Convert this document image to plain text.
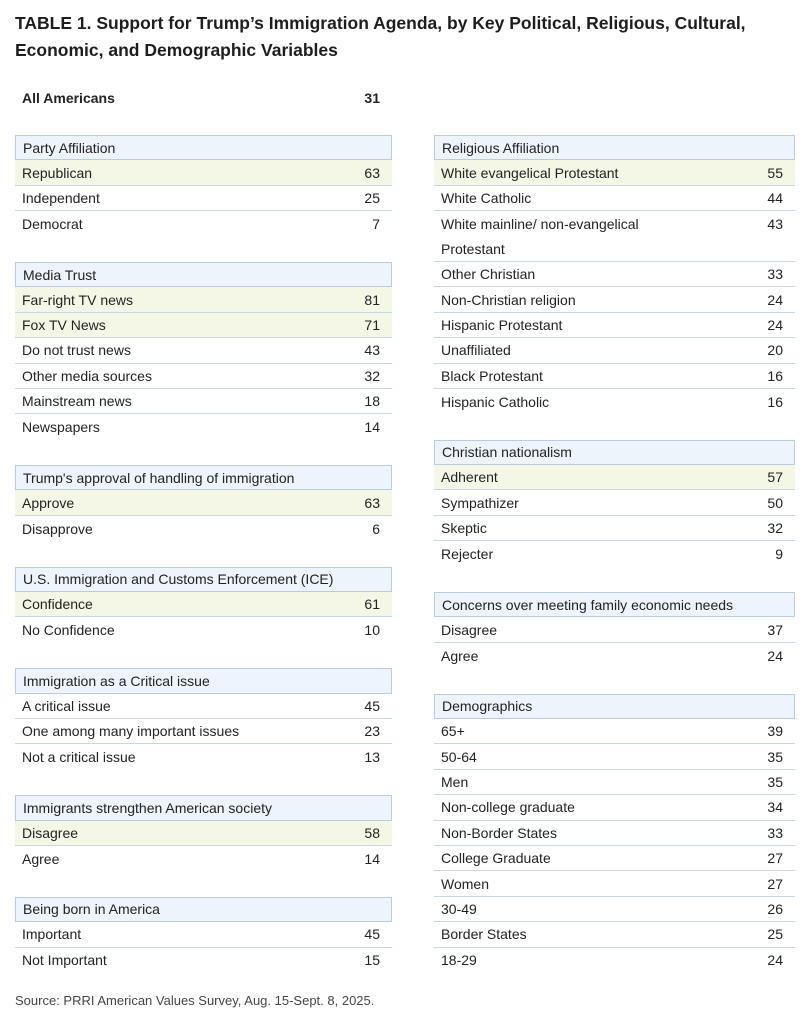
TABLE 1. Support for Trump’s Immigration Agenda, by Key Political, Religious, Cultural, Economic, and Demographic Variables
All Americans	31
Party Affiliation
Republican	63
Independent	25
Democrat	7
Media Trust
Far-right TV news	81
Fox TV News	71
Do not trust news	43
Other media sources	32
Mainstream news	18
Newspapers	14
Trump's approval of handling of immigration
Approve	63
Disapprove	6
U.S. Immigration and Customs Enforcement (ICE)
Confidence	61
No Confidence	10
Immigration as a Critical issue
A critical issue	45
One among many important issues	23
Not a critical issue	13
Immigrants strengthen American society
Disagree	58
Agree	14
Being born in America
Important	45
Not Important	15
Religious Affiliation
White evangelical Protestant	55
White Catholic	44
White mainline/ non-evangelical	43
Protestant
Other Christian	33
Non-Christian religion	24
Hispanic Protestant	24
Unaffiliated	20
Black Protestant	16
Hispanic Catholic	16
Christian nationalism
Adherent	57
Sympathizer	50
Skeptic	32
Rejecter	9
Concerns over meeting family economic needs
Disagree	37
Agree	24
Demographics
65+	39
50-64	35
Men	35
Non-college graduate	34
Non-Border States	33
College Graduate	27
Women	27
30-49	26
Border States	25
18-29	24
Source: PRRI American Values Survey, Aug. 15-Sept. 8, 2025.
